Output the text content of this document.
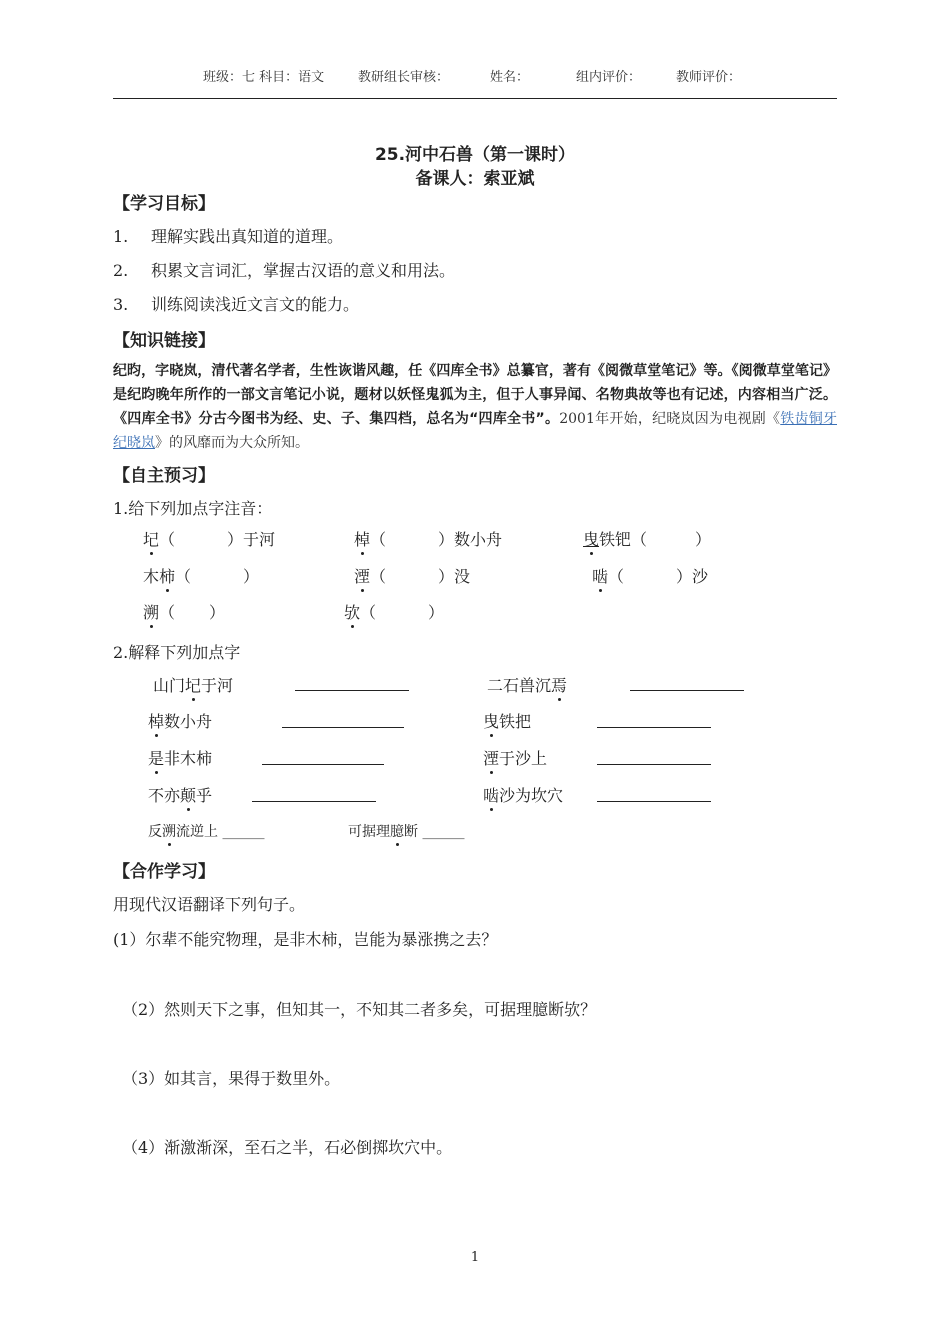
班级：七 科目：语文	教研组长审核：	姓名：	组内评价：	教师评价：
25.河中石兽（第一课时）
备课人：索亚斌
【学习目标】
1. 理解实践出真知道的道理。
2. 积累文言词汇，掌握古汉语的意义和用法。
3. 训练阅读浅近文言文的能力。
【知识链接】
纪昀，字晓岚，清代著名学者，生性诙谐风趣，任《四库全书》总纂官，著有《阅微草堂笔记》等。《阅微草堂笔记》是纪昀晚年所作的一部文言笔记小说，题材以妖怪鬼狐为主，但于人事异闻、名物典故等也有记述，内容相当广泛。《四库全书》分古今图书为经、史、子、集四档，总名为“四库全书”。2001年开始，纪晓岚因为电视剧《铁齿铜牙纪晓岚》的风靡而为大众所知。
【自主预习】
1.给下列加点字注音：
圮（	）于河	棹（	）数小舟	曳铁钯（　　　）
木柿（	）	湮（	）没	啮（	）沙
溯（ ）	欤（	）
2.解释下列加点字
山门圮于河	二石兽沉焉
棹数小舟	曳铁把
是非木柿	湮于沙上
不亦颠乎	啮沙为坎穴
反溯流逆上 ______	可据理臆断 ______
【合作学习】
用现代汉语翻译下列句子。
(1）尔辈不能究物理，是非木柿，岂能为暴涨携之去？
（2）然则天下之事，但知其一，不知其二者多矣，可据理臆断欤？
（3）如其言，果得于数里外。
（4）渐激渐深，至石之半，石必倒掷坎穴中。
1
